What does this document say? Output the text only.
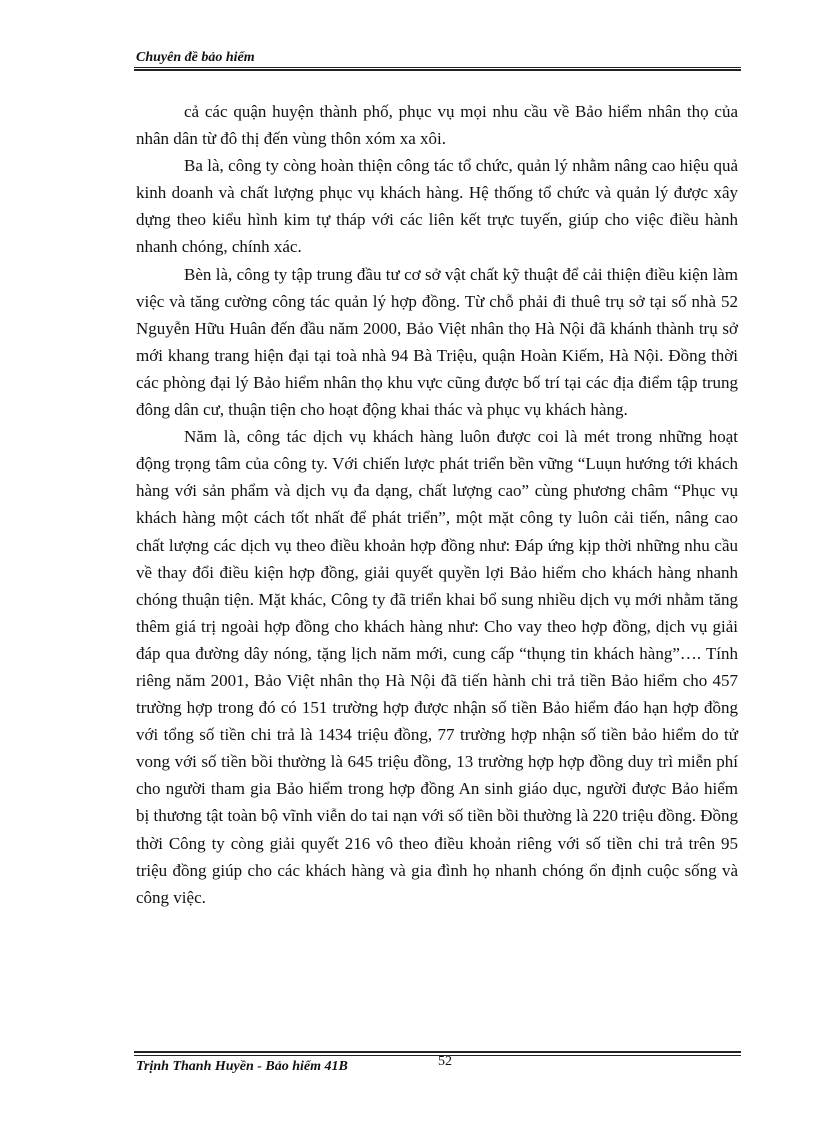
Chuyên đề bảo hiểm

cả các quận huyện thành phố, phục vụ mọi nhu cầu về Bảo hiểm nhân thọ của nhân dân từ đô thị đến vùng thôn xóm xa xôi.

Ba là, công ty còng hoàn thiện công tác tổ chức, quản lý nhằm nâng cao hiệu quả kinh doanh và chất lượng phục vụ khách hàng. Hệ thống tổ chức và quản lý được xây dựng theo kiểu hình kim tự tháp với các liên kết trực tuyến, giúp cho việc điều hành nhanh chóng, chính xác.

Bèn là, công ty tập trung đầu tư cơ sở vật chất kỹ thuật để cải thiện điều kiện làm việc và tăng cường công tác quản lý hợp đồng. Từ chỗ phải đi thuê trụ sở tại số nhà 52 Nguyễn Hữu Huân đến đầu năm 2000, Bảo Việt nhân thọ Hà Nội đã khánh thành trụ sở mới khang trang hiện đại tại toà nhà 94 Bà Triệu, quận Hoàn Kiếm, Hà Nội. Đồng thời các phòng đại lý Bảo hiểm nhân thọ khu vực cũng được bố trí tại các địa điểm tập trung đông dân cư, thuận tiện cho hoạt động khai thác và phục vụ khách hàng.

Năm là, công tác dịch vụ khách hàng luôn được coi là mét trong những hoạt động trọng tâm của công ty. Với chiến lược phát triển bền vững “Luụn hướng tới khách hàng với sản phẩm và dịch vụ đa dạng, chất lượng cao” cùng phương châm “Phục vụ khách hàng một cách tốt nhất để phát triển”, một mặt công ty luôn cải tiến, nâng cao chất lượng các dịch vụ theo điều khoản hợp đồng như: Đáp ứng kịp thời những nhu cầu về thay đổi điều kiện hợp đồng, giải quyết quyền lợi Bảo hiểm cho khách hàng nhanh chóng thuận tiện. Mặt khác, Công ty đã triển khai bổ sung nhiều dịch vụ mới nhằm tăng thêm giá trị ngoài hợp đồng cho khách hàng như: Cho vay theo hợp đồng, dịch vụ giải đáp qua đường dây nóng, tặng lịch năm mới, cung cấp “thụng tin khách hàng”…. Tính riêng năm 2001, Bảo Việt nhân thọ Hà Nội đã tiến hành chi trả tiền Bảo hiểm cho 457 trường hợp trong đó có 151 trường hợp được nhận số tiền Bảo hiểm đáo hạn hợp đồng với tổng số tiền chi trả là 1434 triệu đồng, 77 trường hợp nhận số tiền bảo hiểm do tử vong với số tiền bồi thường là 645 triệu đồng, 13 trường hợp hợp đồng duy trì miễn phí cho người tham gia Bảo hiểm trong hợp đồng An sinh giáo dục, người được Bảo hiểm bị thương tật toàn bộ vĩnh viễn do tai nạn với số tiền bồi thường là 220 triệu đồng. Đồng thời Công ty còng giải quyết 216 vô theo điều khoản riêng với số tiền chi trả trên 95 triệu đồng giúp cho các khách hàng và gia đình họ nhanh chóng ổn định cuộc sống và công việc.

Trịnh Thanh Huyền - Bảo hiểm 41B	52
